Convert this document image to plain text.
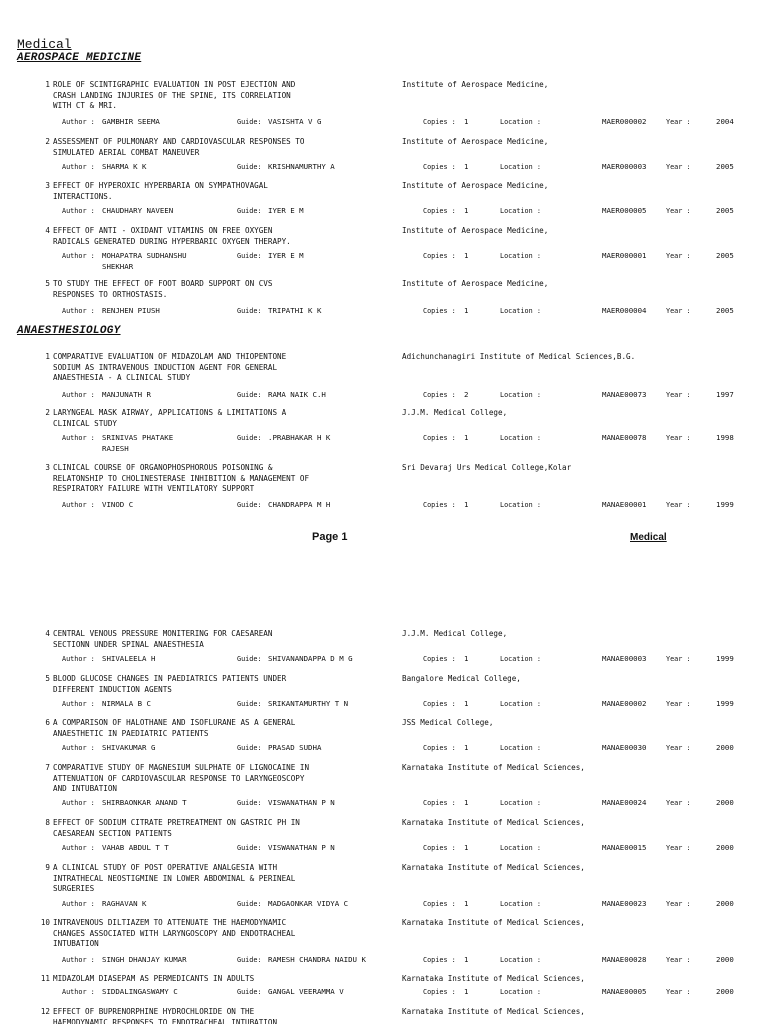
Medical
AEROSPACE MEDICINE
ANAESTHESIOLOGY
1 ROLE OF SCINTIGRAPHIC EVALUATION IN POST EJECTION AND
CRASH LANDING INJURIES OF THE SPINE, ITS CORRELATION
WITH CT & MRI.
Institute of Aerospace Medicine,
Author : GAMBHIR SEEMA	Guide: VASISHTA V G	Copies : 1	Location :	MAER000002	Year :	2004
2 ASSESSMENT OF PULMONARY AND CARDIOVASCULAR RESPONSES TO
SIMULATED AERIAL COMBAT MANEUVER
Institute of Aerospace Medicine,
Author : SHARMA K K	Guide: KRISHNAMURTHY A	Copies : 1	Location :	MAER000003	Year :	2005
3 EFFECT OF HYPEROXIC HYPERBARIA ON SYMPATHOVAGAL
INTERACTIONS.
Institute of Aerospace Medicine,
Author : CHAUDHARY NAVEEN	Guide: IYER E M	Copies : 1	Location :	MAER000005	Year :	2005
4 EFFECT OF ANTI - OXIDANT VITAMINS ON FREE OXYGEN
RADICALS GENERATED DURING HYPERBARIC OXYGEN THERAPY.
Institute of Aerospace Medicine,
Author : MOHAPATRA SUDHANSHU
SHEKHAR
Guide: IYER E M	Copies : 1	Location :	MAER000001	Year :	2005
5 TO STUDY THE EFFECT OF FOOT BOARD SUPPORT ON CVS
RESPONSES TO ORTHOSTASIS.
Institute of Aerospace Medicine,
Author : RENJHEN PIUSH	Guide: TRIPATHI K K	Copies : 1	Location :	MAER000004	Year :	2005
1 COMPARATIVE EVALUATION OF MIDAZOLAM AND THIOPENTONE
SODIUM AS INTRAVENOUS INDUCTION AGENT FOR GENERAL
ANAESTHESIA - A CLINICAL STUDY
Adichunchanagiri Institute of Medical Sciences,B.G.
Author : MANJUNATH R	Guide: RAMA NAIK C.H	Copies : 2	Location :	MANAE00073	Year :	1997
2 LARYNGEAL MASK AIRWAY, APPLICATIONS & LIMITATIONS A
CLINICAL STUDY
J.J.M. Medical College,
Author : SRINIVAS PHATAKE
RAJESH
Guide: .PRABHAKAR H K	Copies : 1	Location :	MANAE00078	Year :	1998
3 CLINICAL COURSE OF ORGANOPHOSPHOROUS POISONING &
RELATONSHIP TO CHOLINESTERASE INHIBITION & MANAGEMENT OF
RESPIRATORY FAILURE WITH VENTILATORY SUPPORT
Sri Devaraj Urs Medical College,Kolar
Author : VINOD C	Guide: CHANDRAPPA M H	Copies : 1	Location :	MANAE00001	Year :	1999
4 CENTRAL VENOUS PRESSURE MONITERING FOR CAESAREAN
SECTIONN UNDER SPINAL ANAESTHESIA
J.J.M. Medical College,
Author : SHIVALEELA H	Guide: SHIVANANDAPPA D M G	Copies : 1	Location :	MANAE00003	Year :	1999
5 BLOOD GLUCOSE CHANGES IN PAEDIATRICS PATIENTS UNDER
DIFFERENT INDUCTION AGENTS
Bangalore Medical College,
Author : NIRMALA B C	Guide: SRIKANTAMURTHY T N	Copies : 1	Location :	MANAE00002	Year :	1999
6 A COMPARISON OF HALOTHANE AND ISOFLURANE AS A GENERAL
ANAESTHETIC IN PAEDIATRIC PATIENTS
JSS Medical College,
Author : SHIVAKUMAR G	Guide: PRASAD SUDHA	Copies : 1	Location :	MANAE00030	Year :	2000
7 COMPARATIVE STUDY OF MAGNESIUM SULPHATE OF LIGNOCAINE IN
ATTENUATION OF CARDIOVASCULAR RESPONSE TO LARYNGEOSCOPY
AND INTUBATION
Karnataka Institute of Medical Sciences,
Author : SHIRBAONKAR ANAND T	Guide: VISWANATHAN P N	Copies : 1	Location :	MANAE00024	Year :	2000
8 EFFECT OF SODIUM CITRATE PRETREATMENT ON GASTRIC PH IN
CAESAREAN SECTION PATIENTS
Karnataka Institute of Medical Sciences,
Author : VAHAB ABDUL T T	Guide: VISWANATHAN P N	Copies : 1	Location :	MANAE00015	Year :	2000
9 A CLINICAL STUDY OF POST OPERATIVE ANALGESIA WITH
INTRATHECAL NEOSTIGMINE IN LOWER ABDOMINAL & PERINEAL
SURGERIES
Karnataka Institute of Medical Sciences,
Author : RAGHAVAN K	Guide: MADGAONKAR VIDYA C	Copies : 1	Location :	MANAE00023	Year :	2000
10 INTRAVENOUS DILTIAZEM TO ATTENUATE THE HAEMODYNAMIC
CHANGES ASSOCIATED WITH LARYNGOSCOPY AND ENDOTRACHEAL
INTUBATION
Karnataka Institute of Medical Sciences,
Author : SINGH DHANJAY KUMAR	Guide: RAMESH CHANDRA NAIDU K	Copies : 1	Location :	MANAE00028	Year :	2000
11 MIDAZOLAM DIASEPAM AS PERMEDICANTS IN ADULTS	Karnataka Institute of Medical Sciences,
Author : SIDDALINGASWAMY C	Guide: GANGAL VEERAMMA V	Copies : 1	Location :	MANAE00005	Year :	2000
12 EFFECT OF BUPRENORPHINE HYDROCHLORIDE ON THE
HAEMODYNAMIC RESPONSES TO ENDOTRACHEAL INTUBATION
Karnataka Institute of Medical Sciences,
Page 1	Medical
